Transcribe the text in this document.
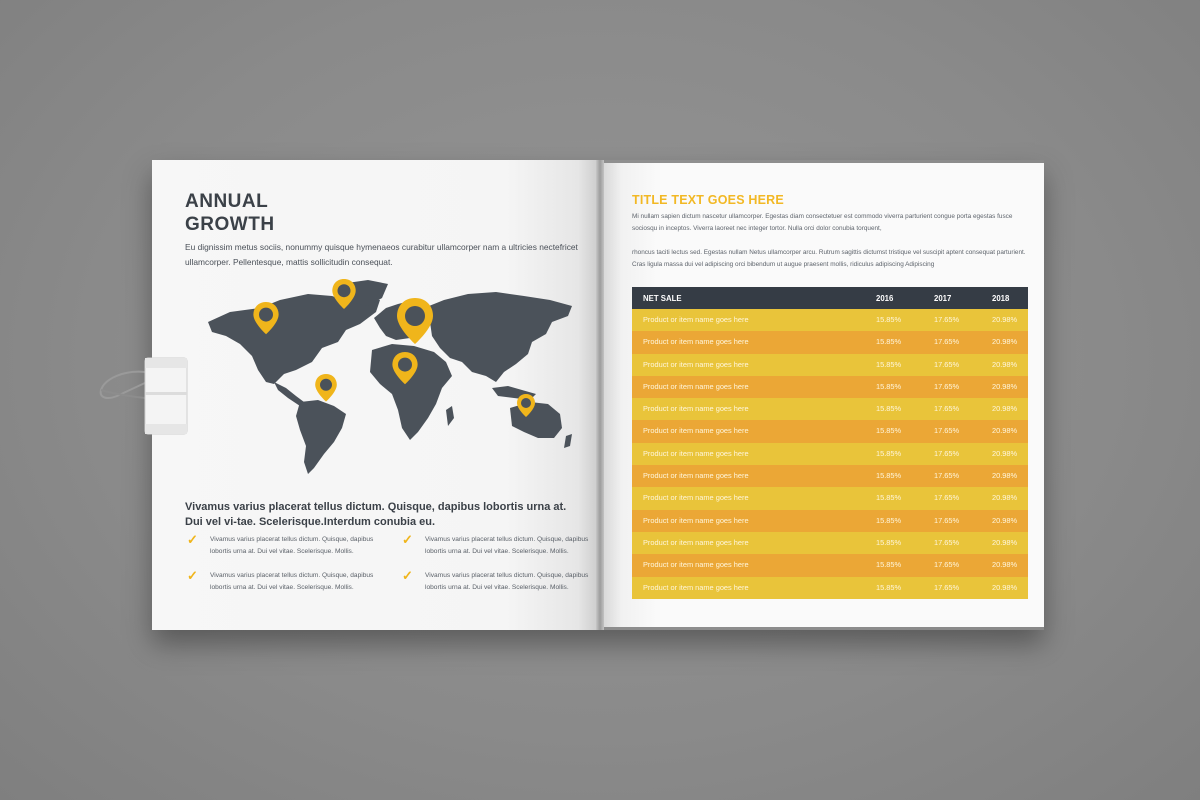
ANNUAL
GROWTH
Eu dignissim metus sociis, nonummy quisque hymenaeos curabitur ullamcorper nam a ultricies nectefricet ullamcorper. Pellentesque, mattis sollicitudin consequat.
Vivamus varius placerat tellus dictum. Quisque, dapibus lobortis urna at. Dui vel vi-tae. Scelerisque.Interdum conubia eu.
✓	Vivamus varius placerat tellus dictum. Quisque, dapibus lobortis urna at. Dui vel vitae. Scelerisque. Mollis.
✓	Vivamus varius placerat tellus dictum. Quisque, dapibus lobortis urna at. Dui vel vitae. Scelerisque. Mollis.
✓	Vivamus varius placerat tellus dictum. Quisque, dapibus lobortis urna at. Dui vel vitae. Scelerisque. Mollis.
✓	Vivamus varius placerat tellus dictum. Quisque, dapibus lobortis urna at. Dui vel vitae. Scelerisque. Mollis.
TITLE TEXT GOES HERE
Mi nullam sapien dictum nascetur ullamcorper. Egestas diam consectetuer est commodo viverra parturient congue porta egestas fusce sociosqu in inceptos. Viverra laoreet nec integer tortor. Nulla orci dolor conubia torquent,
rhoncus taciti lectus sed. Egestas nullam Netus ullamcorper arcu. Rutrum sagittis dictumst tristique vel suscipit aptent consequat parturient. Cras ligula massa dui vel adipiscing orci bibendum ut augue praesent mollis, ridiculus adipiscing Adipiscing
NET SALE	2016	2017	2018
Product or item name goes here	15.85%	17.65%	20.98%
Product or item name goes here	15.85%	17.65%	20.98%
Product or item name goes here	15.85%	17.65%	20.98%
Product or item name goes here	15.85%	17.65%	20.98%
Product or item name goes here	15.85%	17.65%	20.98%
Product or item name goes here	15.85%	17.65%	20.98%
Product or item name goes here	15.85%	17.65%	20.98%
Product or item name goes here	15.85%	17.65%	20.98%
Product or item name goes here	15.85%	17.65%	20.98%
Product or item name goes here	15.85%	17.65%	20.98%
Product or item name goes here	15.85%	17.65%	20.98%
Product or item name goes here	15.85%	17.65%	20.98%
Product or item name goes here	15.85%	17.65%	20.98%
